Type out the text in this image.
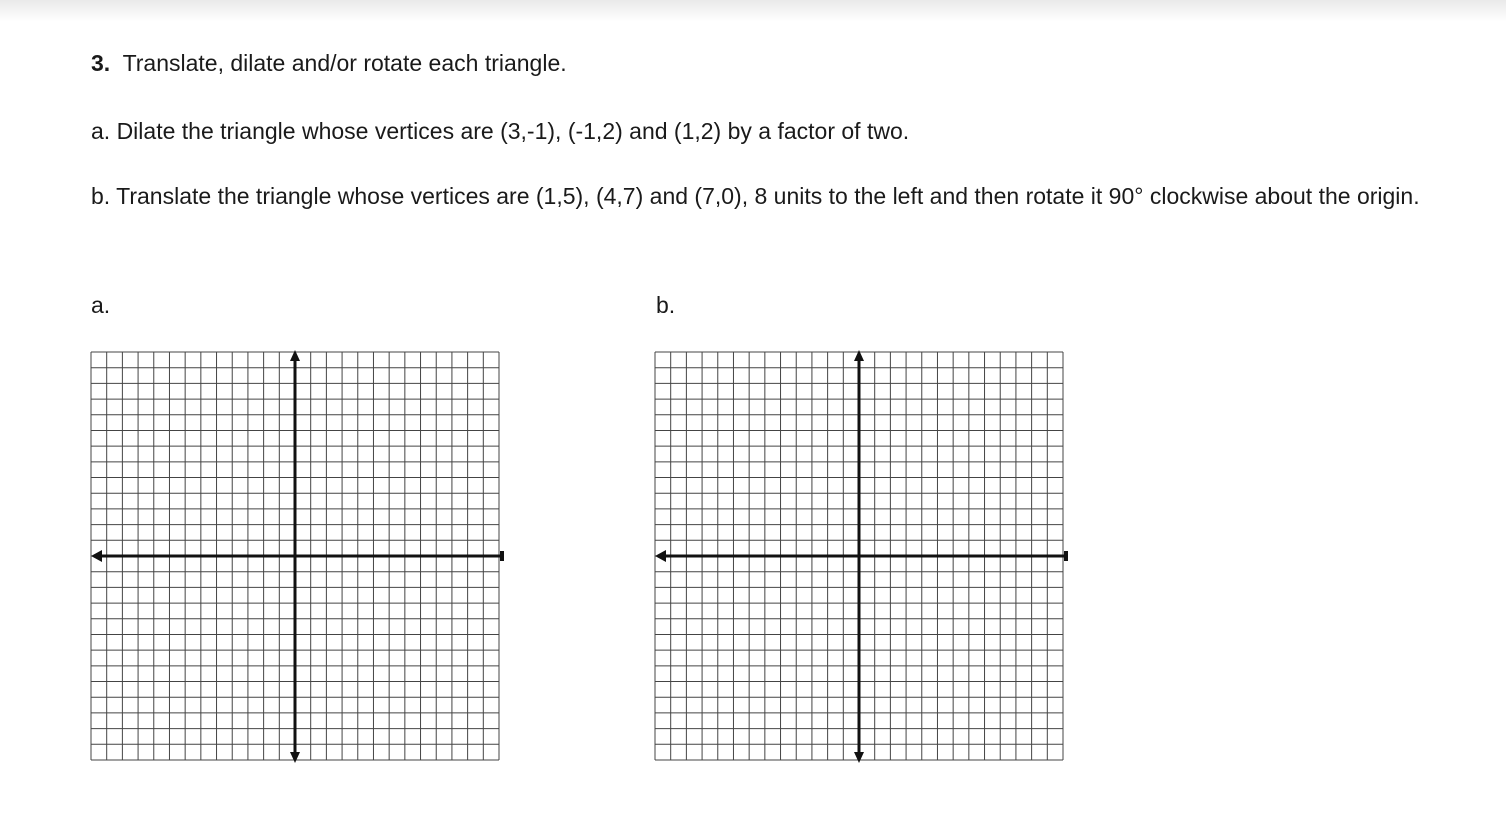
3. Translate, dilate and/or rotate each triangle.
a. Dilate the triangle whose vertices are (3,-1), (-1,2) and (1,2) by a factor of two.
b. Translate the triangle whose vertices are (1,5), (4,7) and (7,0), 8 units to the left and then rotate it 90° clockwise about the origin.
a.	b.
